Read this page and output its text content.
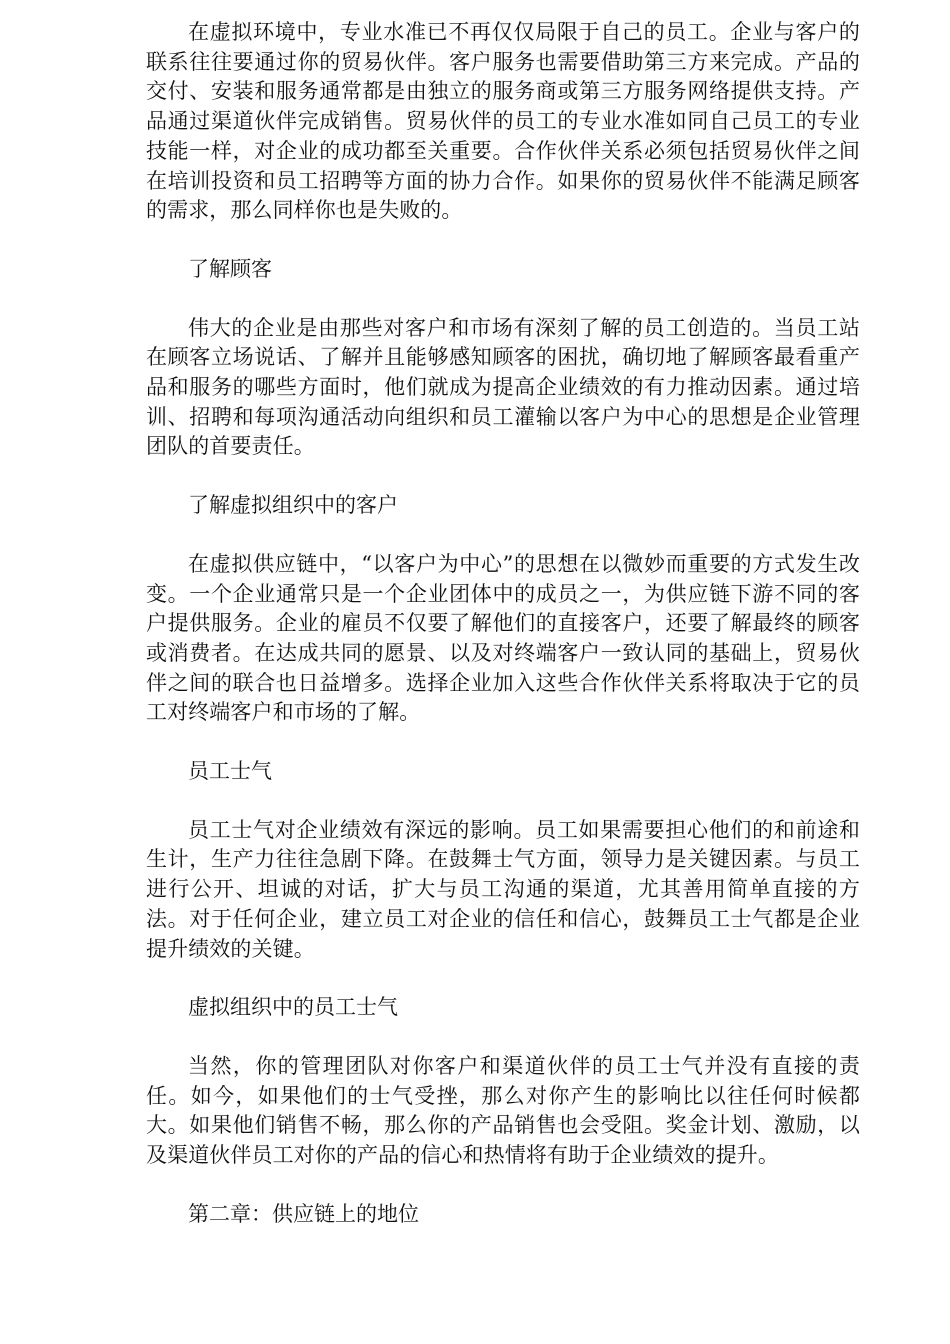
在虚拟环境中，专业水准已不再仅仅局限于自己的员工。企业与客户的联系往往要通过你的贸易伙伴。客户服务也需要借助第三方来完成。产品的交付、安装和服务通常都是由独立的服务商或第三方服务网络提供支持。产品通过渠道伙伴完成销售。贸易伙伴的员工的专业水准如同自己员工的专业技能一样，对企业的成功都至关重要。合作伙伴关系必须包括贸易伙伴之间在培训投资和员工招聘等方面的协力合作。如果你的贸易伙伴不能满足顾客的需求，那么同样你也是失败的。

了解顾客

伟大的企业是由那些对客户和市场有深刻了解的员工创造的。当员工站在顾客立场说话、了解并且能够感知顾客的困扰，确切地了解顾客最看重产品和服务的哪些方面时，他们就成为提高企业绩效的有力推动因素。通过培训、招聘和每项沟通活动向组织和员工灌输以客户为中心的思想是企业管理团队的首要责任。

了解虚拟组织中的客户

在虚拟供应链中，“以客户为中心”的思想在以微妙而重要的方式发生改变。一个企业通常只是一个企业团体中的成员之一，为供应链下游不同的客户提供服务。企业的雇员不仅要了解他们的直接客户，还要了解最终的顾客或消费者。在达成共同的愿景、以及对终端客户一致认同的基础上，贸易伙伴之间的联合也日益增多。选择企业加入这些合作伙伴关系将取决于它的员工对终端客户和市场的了解。

员工士气

员工士气对企业绩效有深远的影响。员工如果需要担心他们的和前途和生计，生产力往往急剧下降。在鼓舞士气方面，领导力是关键因素。与员工进行公开、坦诚的对话，扩大与员工沟通的渠道，尤其善用简单直接的方法。对于任何企业，建立员工对企业的信任和信心，鼓舞员工士气都是企业提升绩效的关键。

虚拟组织中的员工士气

当然，你的管理团队对你客户和渠道伙伴的员工士气并没有直接的责任。如今，如果他们的士气受挫，那么对你产生的影响比以往任何时候都大。如果他们销售不畅，那么你的产品销售也会受阻。奖金计划、激励，以及渠道伙伴员工对你的产品的信心和热情将有助于企业绩效的提升。

第二章：供应链上的地位
